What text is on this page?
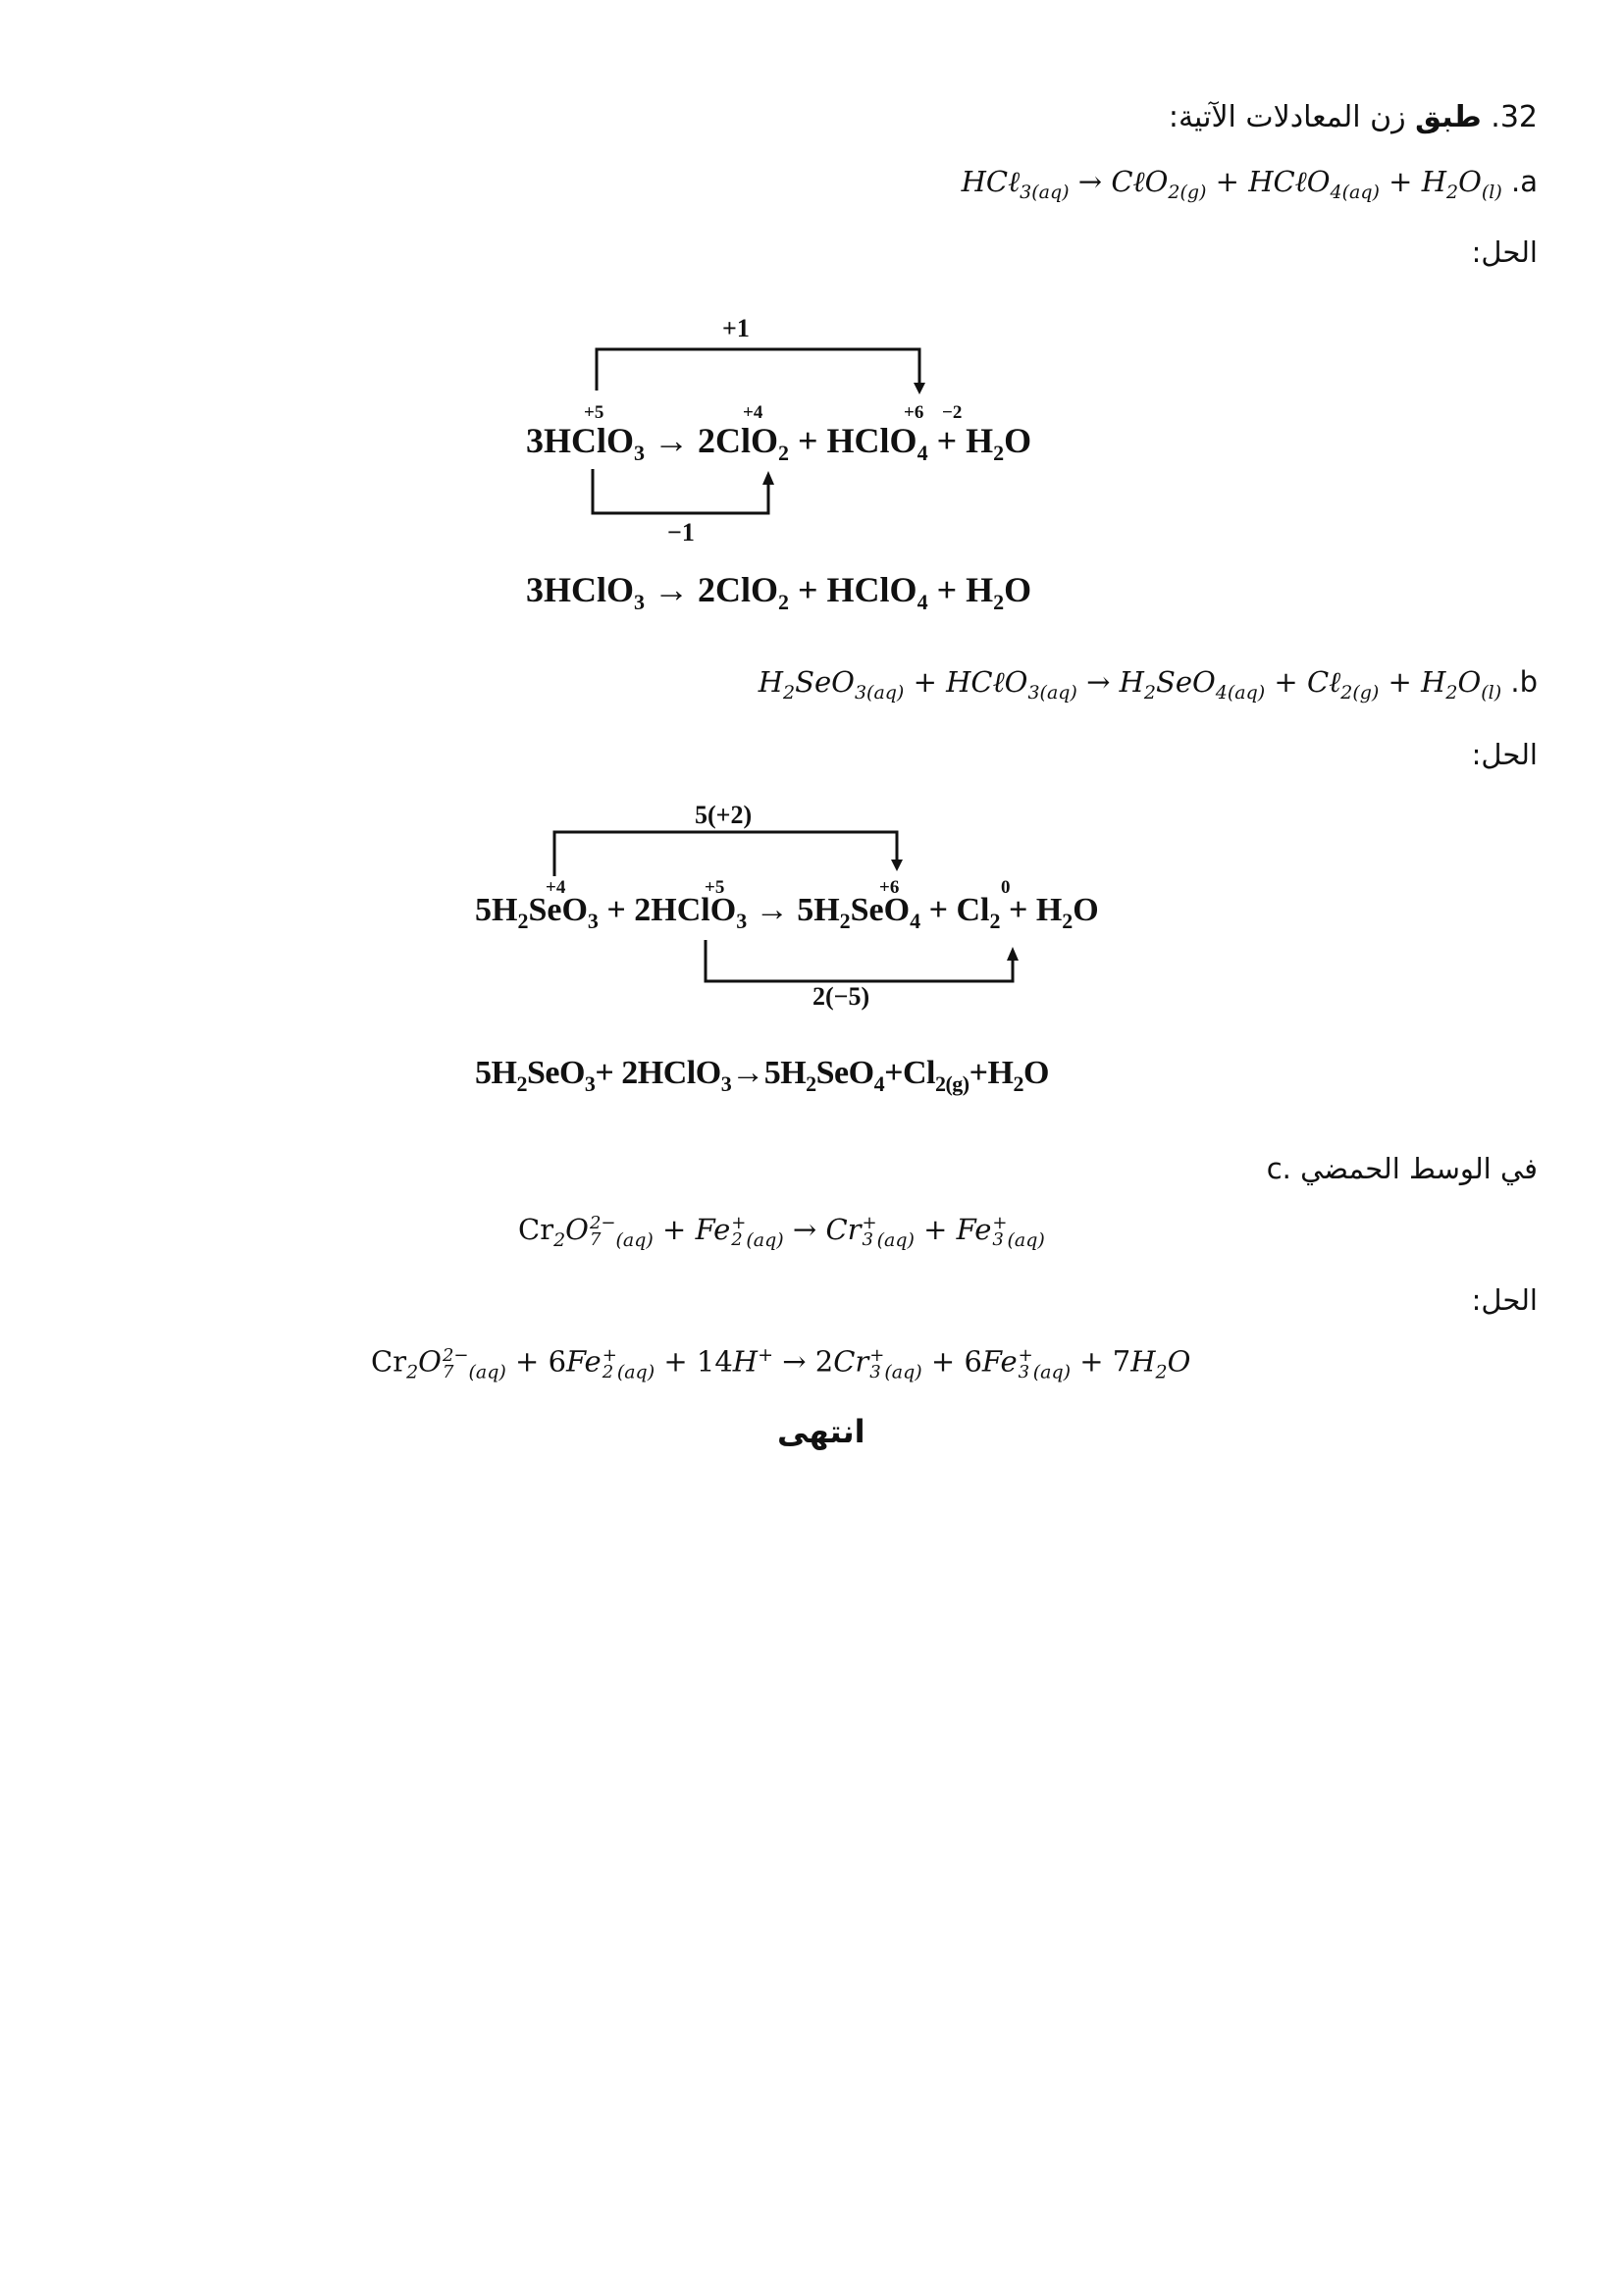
32. طبق زن المعادلات الآتية:
HCℓ$_{3(aq)}$ → CℓO$_{2(g)}$ + HCℓO$_{4(aq)}$ + $H_2O_{(l)}$ .a
الحل:
+1
−1
+5	+4	+6 −2
3HClO$_3$ → 2ClO$_2$ + HClO$_4$ + $H_2O$
3HClO$_3$ → 2ClO$_2$ + HClO$_4$ + $H_2O$
$H_2SeO_{3(aq)}$ + HCℓO$_{3(aq)}$ → $H_2SeO_{4(aq)}$ + Cℓ$_{2(g)}$ + $H_2O_{(l)}$ .b
الحل:
5(+2)
2(−5)
+4	+5	+6	0
$5H_2SeO_3$ + 2HClO$_3$ → $5H_2SeO_4 + Cl_2 + H_2O$
$5H_2SeO_3+$ $2HClO_3\to 5H_2SeO_4+Cl_{2(g)}+H_2O$
c. في الوسط الحمضي
$Cr_2O$ 2−
7 $_{(aq)}$ + Fe +
2 $_{(aq)}$ → Cr +
3 $_{(aq)}$ + Fe +
3 $_{(aq)}$
الحل:
$Cr_2O$ 2−
7 $_{(aq)}$ + 6Fe +
2 $_{(aq)}$ + 14H+ → 2Cr +
3 $_{(aq)}$ + 6Fe +
3 $_{(aq)} + 7H_2O$
انتهى
